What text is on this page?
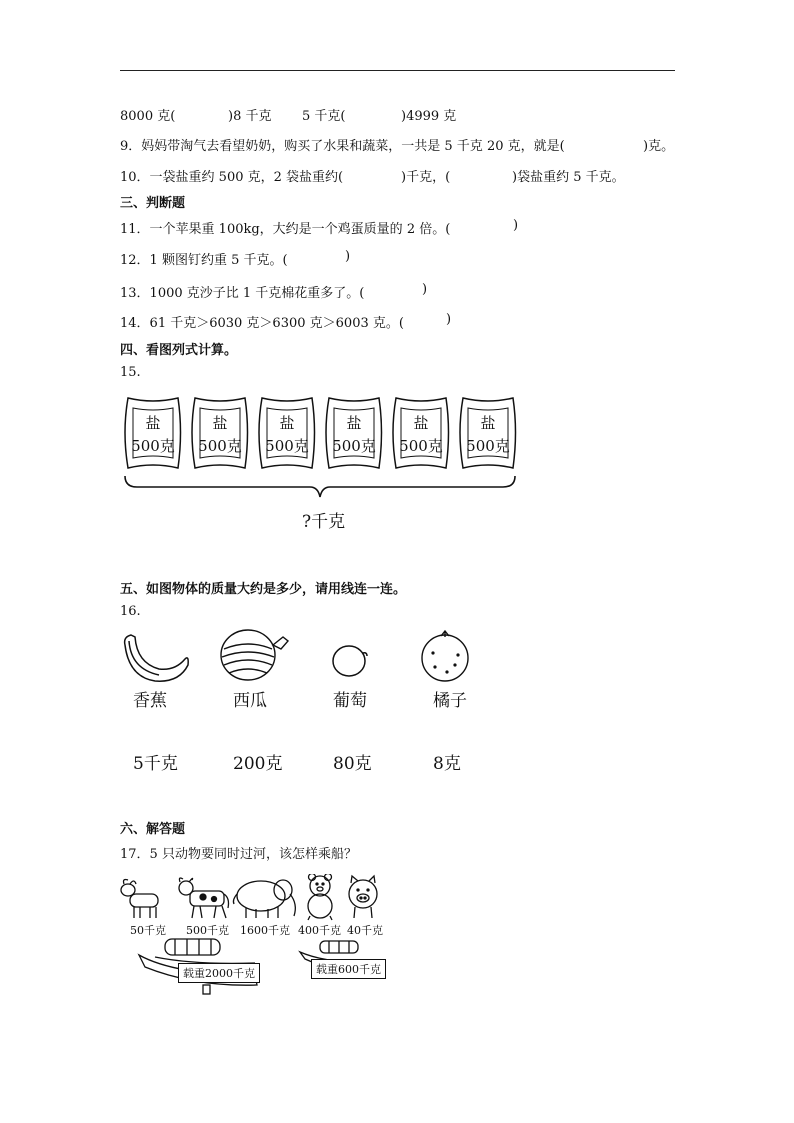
8000 克(	)8 千克 5 千克(	)4999 克
9．妈妈带淘气去看望奶奶，购买了水果和蔬菜，一共是 5 千克 20 克，就是(	)克。
10．一袋盐重约 500 克，2 袋盐重约(	)千克，(	)袋盐重约 5 千克。
三、判断题
11．一个苹果重 100kg，大约是一个鸡蛋质量的 2 倍。(	)
12．1 颗图钉约重 5 千克。(	)
13．1000 克沙子比 1 千克棉花重多了。(	)
14．61 千克＞6030 克＞6300 克＞6003 克。(	)
四、看图列式计算。
15.
盐
500克
盐
500克
盐
500克
盐
500克
盐
500克
盐
500克
?千克
五、如图物体的质量大约是多少，请用线连一连。
16.
香蕉	西瓜	葡萄	橘子
5千克	200克	80克	8克
六、解答题
17．5 只动物要同时过河，该怎样乘船？
50千克 500千克 1600千克 400千克 40千克
载重2000千克	载重600千克
